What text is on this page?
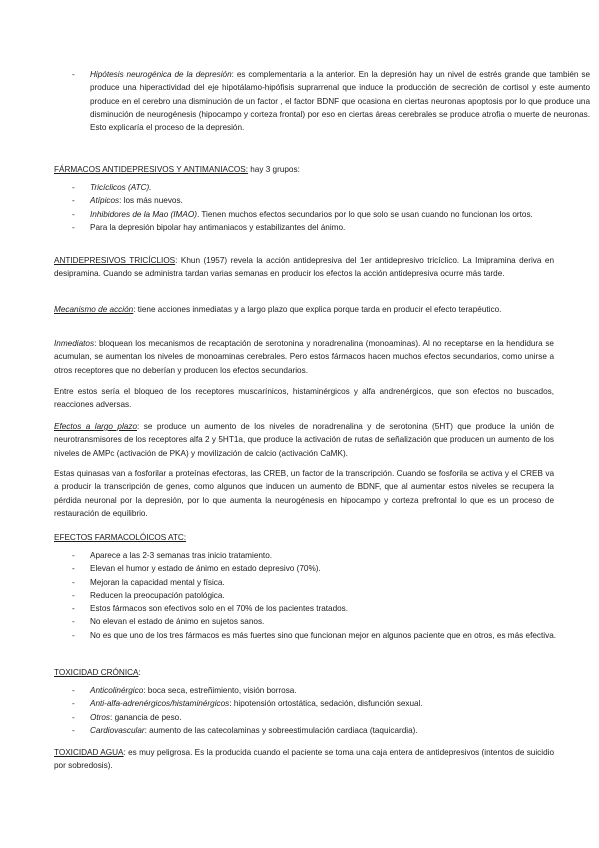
- Hipótesis neurogénica de la depresión: es complementaria a la anterior. En la depresión hay un nivel de estrés grande que también se produce una hiperactividad del eje hipotálamo-hipófisis suprarrenal que induce la producción de secreción de cortisol y este aumento produce en el cerebro una disminución de un factor , el factor BDNF que ocasiona en ciertas neuronas apoptosis por lo que produce una disminución de neurogénesis (hipocampo y corteza frontal) por eso en ciertas áreas cerebrales se produce atrofia o muerte de neuronas. Esto explicaría el proceso de la depresión.

FÁRMACOS ANTIDEPRESIVOS Y ANTIMANIACOS: hay 3 grupos:

- Tricíclicos (ATC).

- Atípicos: los más nuevos.

- Inhibidores de la Mao (IMAO). Tienen muchos efectos secundarios por lo que solo se usan cuando no funcionan los ortos.

- Para la depresión bipolar hay antimaniacos y estabilizantes del ánimo.

ANTIDEPRESIVOS TRICÍCLIOS: Khun (1957) revela la acción antidepresiva del 1er antidepresivo tricíclico. La Imipramina deriva en desipramina. Cuando se administra tardan varias semanas en producir los efectos la acción antidepresiva ocurre más tarde.

Mecanismo de acción: tiene acciones inmediatas y a largo plazo que explica porque tarda en producir el efecto terapéutico.

Inmediatos: bloquean los mecanismos de recaptación de serotonina y noradrenalina (monoaminas). Al no receptarse en la hendidura se acumulan, se aumentan los niveles de monoaminas cerebrales. Pero estos fármacos hacen muchos efectos secundarios, como unirse a otros receptores que no deberían y producen los efectos secundarios.

Entre estos sería el bloqueo de los receptores muscarínicos, histaminérgicos y alfa andrenérgicos, que son efectos no buscados, reacciones adversas.

Efectos a largo plazo: se produce un aumento de los niveles de noradrenalina y de serotonina (5HT) que produce la unión de neurotransmisores de los receptores alfa 2 y 5HT1a, que produce la activación de rutas de señalización que producen un aumento de los niveles de AMPc (activación de PKA) y movilización de calcio (activación CaMK).

Estas quinasas van a fosforilar a proteínas efectoras, las CREB, un factor de la transcripción. Cuando se fosforila se activa y el CREB va a producir la transcripción de genes, como algunos que inducen un aumento de BDNF, que al aumentar estos niveles se recupera la pérdida neuronal por la depresión, por lo que aumenta la neurogénesis en hipocampo y corteza prefrontal lo que es un proceso de restauración de equilibrio.

EFECTOS FARMACOLÓICOS ATC:

- Aparece a las 2-3 semanas tras inicio tratamiento.

- Elevan el humor y estado de ánimo en estado depresivo (70%).

- Mejoran la capacidad mental y física.

- Reducen la preocupación patológica.

- Estos fármacos son efectivos solo en el 70% de los pacientes tratados.

- No elevan el estado de ánimo en sujetos sanos.

- No es que uno de los tres fármacos es más fuertes sino que funcionan mejor en algunos paciente que en otros, es más efectiva.

TOXICIDAD CRÓNICA:

- Anticolinérgico: boca seca, estreñimiento, visión borrosa.

- Anti-alfa-adrenérgicos/histaminérgicos: hipotensión ortostática, sedación, disfunción sexual.

- Otros: ganancia de peso.

- Cardiovascular: aumento de las catecolaminas y sobreestimulación cardiaca (taquicardia).

TOXICIDAD AGUA: es muy peligrosa. Es la producida cuando el paciente se toma una caja entera de antidepresivos (intentos de suicidio por sobredosis).
